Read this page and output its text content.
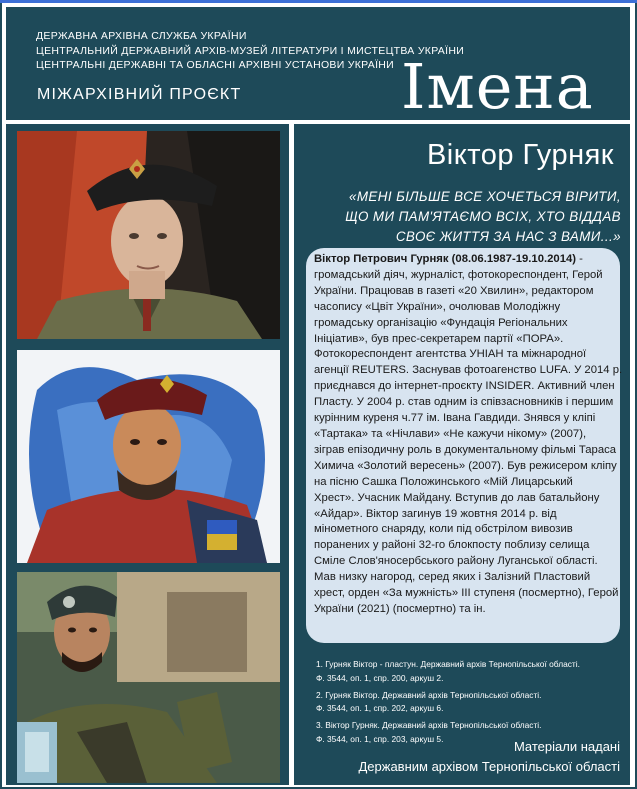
ДЕРЖАВНА АРХІВНА СЛУЖБА УКРАЇНИ
ЦЕНТРАЛЬНИЙ ДЕРЖАВНИЙ АРХІВ-МУЗЕЙ ЛІТЕРАТУРИ І МИСТЕЦТВА УКРАЇНИ
ЦЕНТРАЛЬНІ ДЕРЖАВНІ ТА ОБЛАСНІ АРХІВНІ УСТАНОВИ УКРАЇНИ
МІЖАРХІВНИЙ ПРОЄКТ	Імена
Віктор Гурняк
«МЕНІ БІЛЬШЕ ВСЕ ХОЧЕТЬСЯ ВІРИТИ,
ЩО МИ ПАМ'ЯТАЄМО ВСІХ, ХТО ВІДДАВ
СВОЄ ЖИТТЯ ЗА НАС З ВАМИ...»
Віктор Петрович Гурняк (08.06.1987-19.10.2014) -
громадський діяч, журналіст, фотокореспондент, Герой
України. Працював в газеті «20 Хвилин», редактором
часопису «Цвіт України», очолював Молодіжну
громадську організацію «Фундація Регіональних
Ініціатив», був прес-секретарем партії «ПОРА».
Фотокореспондент агентства УНІАН та міжнародної
агенції REUTERS. Заснував фотоагенство LUFA. У 2014 р.
приєднався до інтернет-проєкту INSIDER. Активний член
Пласту. У 2004 р. став одним із співзасновників і першим
курінним куреня ч.77 ім. Івана Гавдиди. Знявся у кліпі
«Тартака» та «Нічлави» «Не кажучи нікому» (2007),
зіграв епізодичну роль в документальному фільмі Тараса
Химича «Золотий вересень» (2007). Був режисером кліпу
на пісню Сашка Положинського «Мій Лицарський
Хрест». Учасник Майдану. Вступив до лав батальйону
«Айдар». Віктор загинув 19 жовтня 2014 р. від
мінометного снаряду, коли під обстрілом вивозив
поранених у районі 32-го блокпосту поблизу селища
Сміле Слов'яносербського району Луганської області.
Мав низку нагород, серед яких і Залізний Пластовий
хрест, орден «За мужність» ІІІ ступеня (посмертно), Герой
України (2021) (посмертно) та ін.
1. Гурняк Віктор - пластун. Державний архів Тернопільської області.
Ф. 3544, оп. 1, спр. 200, аркуш 2.
2. Гурняк Віктор. Державний архів Тернопільської області.
Ф. 3544, оп. 1, спр. 202, аркуш 6.
3. Віктор Гурняк. Державний архів Тернопільської області.
Ф. 3544, оп. 1, спр. 203, аркуш 5.
Матеріали надані
Державним архівом Тернопільської області
